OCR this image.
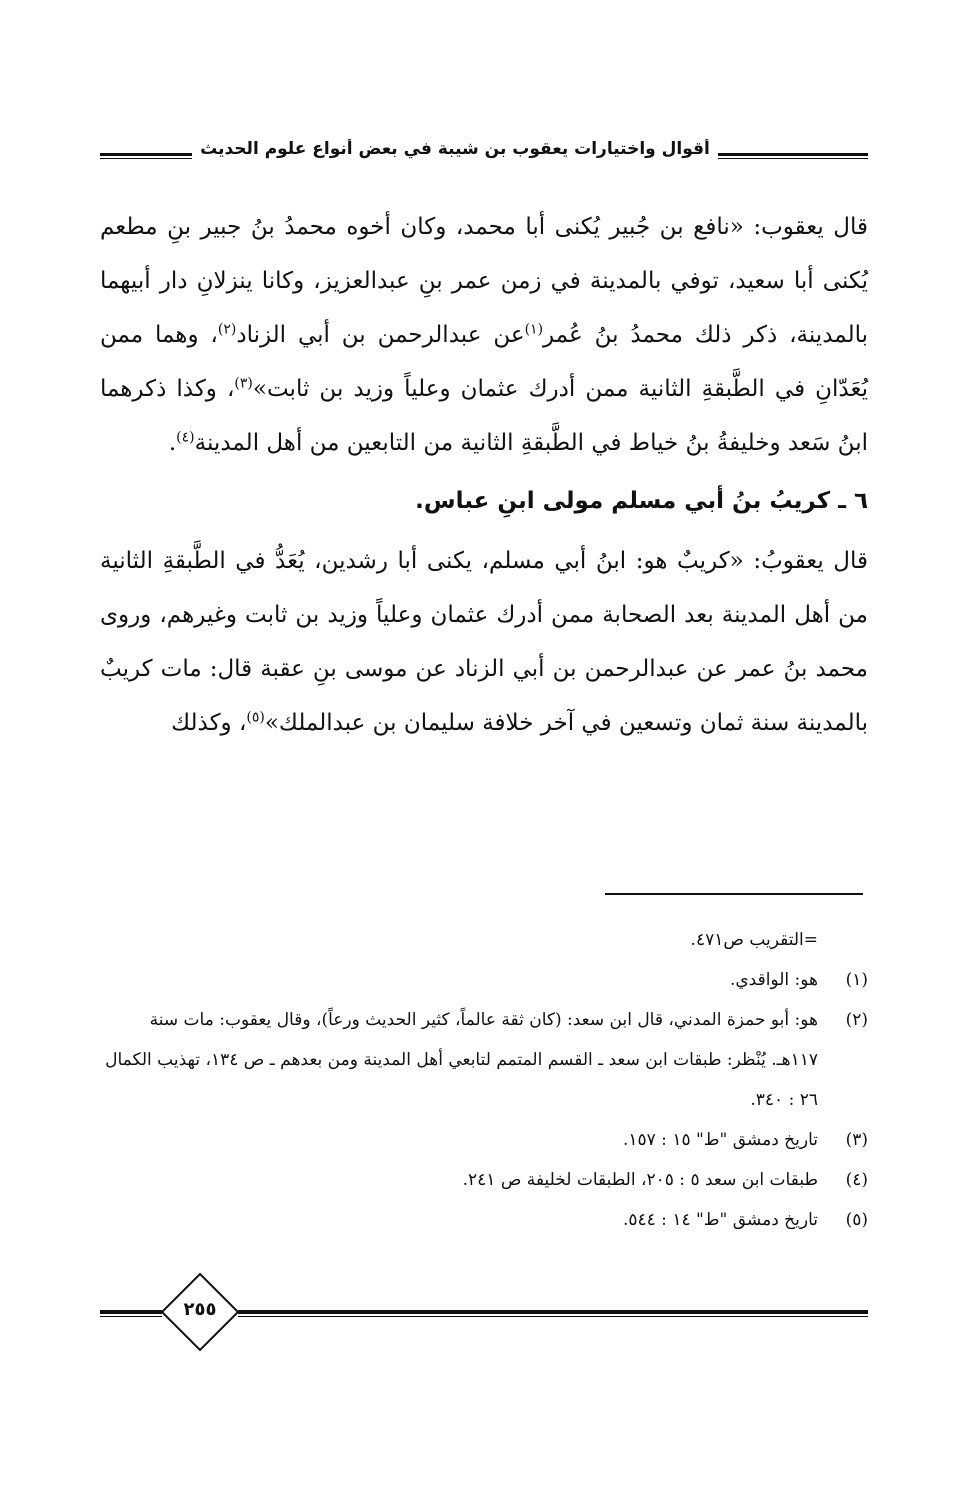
أقوال واختيارات يعقوب بن شيبة في بعض أنواع علوم الحديث

قال يعقوب: «نافع بن جُبير يُكنى أبا محمد، وكان أخوه محمدُ بنُ جبير بنِ مطعم يُكنى أبا سعيد، توفي بالمدينة في زمن عمر بنِ عبدالعزيز، وكانا ينزلانِ دار أبيهما بالمدينة، ذكر ذلك محمدُ بنُ عُمر$^{(١)}$عن عبدالرحمن بن أبي الزناد$^{(٢)}$، وهما ممن يُعَدّانِ في الطَّبقةِ الثانية ممن أدرك عثمان وعلياً وزيد بن ثابت»$^{(٣)}$، وكذا ذكرهما ابنُ سَعد وخليفةُ بنُ خياط في الطَّبقةِ الثانية من التابعين من أهل المدينة$^{(٤)}$.

٦ ـ كريبُ بنُ أبي مسلم مولى ابنِ عباس.

قال يعقوبُ: «كريبٌ هو: ابنُ أبي مسلم، يكنى أبا رشدين، يُعَدُّ في الطَّبقةِ الثانية من أهل المدينة بعد الصحابة ممن أدرك عثمان وعلياً وزيد بن ثابت وغيرهم، وروى محمد بنُ عمر عن عبدالرحمن بن أبي الزناد عن موسى بنِ عقبة قال: مات كريبٌ بالمدينة سنة ثمان وتسعين في آخر خلافة سليمان بن عبدالملك»$^{(٥)}$، وكذلك

=التقريب ص٤٧١.
(١)
هو: الواقدي.
(٢)
هو: أبو حمزة المدني، قال ابن سعد: (كان ثقة عالماً، كثير الحديث ورعاً)، وقال يعقوب: مات سنة ١١٧هـ. يُنْظر: طبقات ابن سعد ـ القسم المتمم لتابعي أهل المدينة ومن بعدهم ـ ص ١٣٤، تهذيب الكمال ٢٦ : ٣٤٠.
(٣)
تاريخ دمشق "ط" ١٥ : ١٥٧.
(٤)
طبقات ابن سعد ٥ : ٢٠٥، الطبقات لخليفة ص ٢٤١.
(٥)
تاريخ دمشق "ط" ١٤ : ٥٤٤.
٢٥٥
